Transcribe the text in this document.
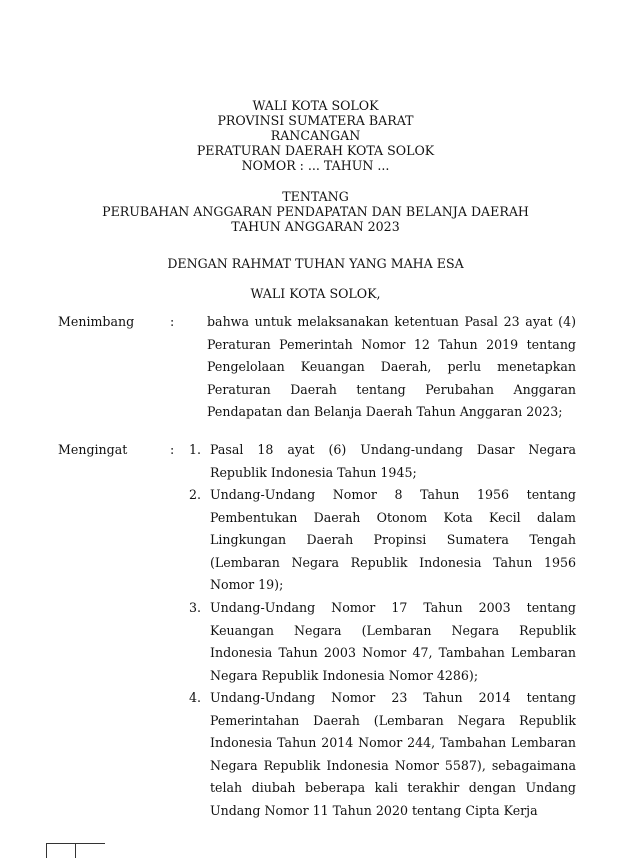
WALI KOTA SOLOK
PROVINSI SUMATERA BARAT
RANCANGAN
PERATURAN DAERAH KOTA SOLOK
NOMOR : ... TAHUN ...
TENTANG
PERUBAHAN ANGGARAN PENDAPATAN DAN BELANJA DAERAH
TAHUN ANGGARAN 2023
DENGAN RAHMAT TUHAN YANG MAHA ESA
WALI KOTA SOLOK,
Menimbang	:	bahwa untuk melaksanakan ketentuan Pasal 23 ayat (4) Peraturan Pemerintah Nomor 12 Tahun 2019 tentang Pengelolaan Keuangan Daerah, perlu menetapkan Peraturan Daerah tentang Perubahan Anggaran Pendapatan dan Belanja Daerah Tahun Anggaran 2023;
Mengingat	: 1. Pasal 18 ayat (6) Undang-undang Dasar Negara Republik Indonesia Tahun 1945;
2. Undang-Undang Nomor 8 Tahun 1956 tentang Pembentukan Daerah Otonom Kota Kecil dalam Lingkungan Daerah Propinsi Sumatera Tengah (Lembaran Negara Republik Indonesia Tahun 1956 Nomor 19);
3. Undang-Undang Nomor 17 Tahun 2003 tentang Keuangan Negara (Lembaran Negara Republik Indonesia Tahun 2003 Nomor 47, Tambahan Lembaran Negara Republik Indonesia Nomor 4286);
4. Undang-Undang Nomor 23 Tahun 2014 tentang Pemerintahan Daerah (Lembaran Negara Republik Indonesia Tahun 2014 Nomor 244, Tambahan Lembaran Negara Republik Indonesia Nomor 5587), sebagaimana telah diubah beberapa kali terakhir dengan Undang Undang Nomor 11 Tahun 2020 tentang Cipta Kerja
